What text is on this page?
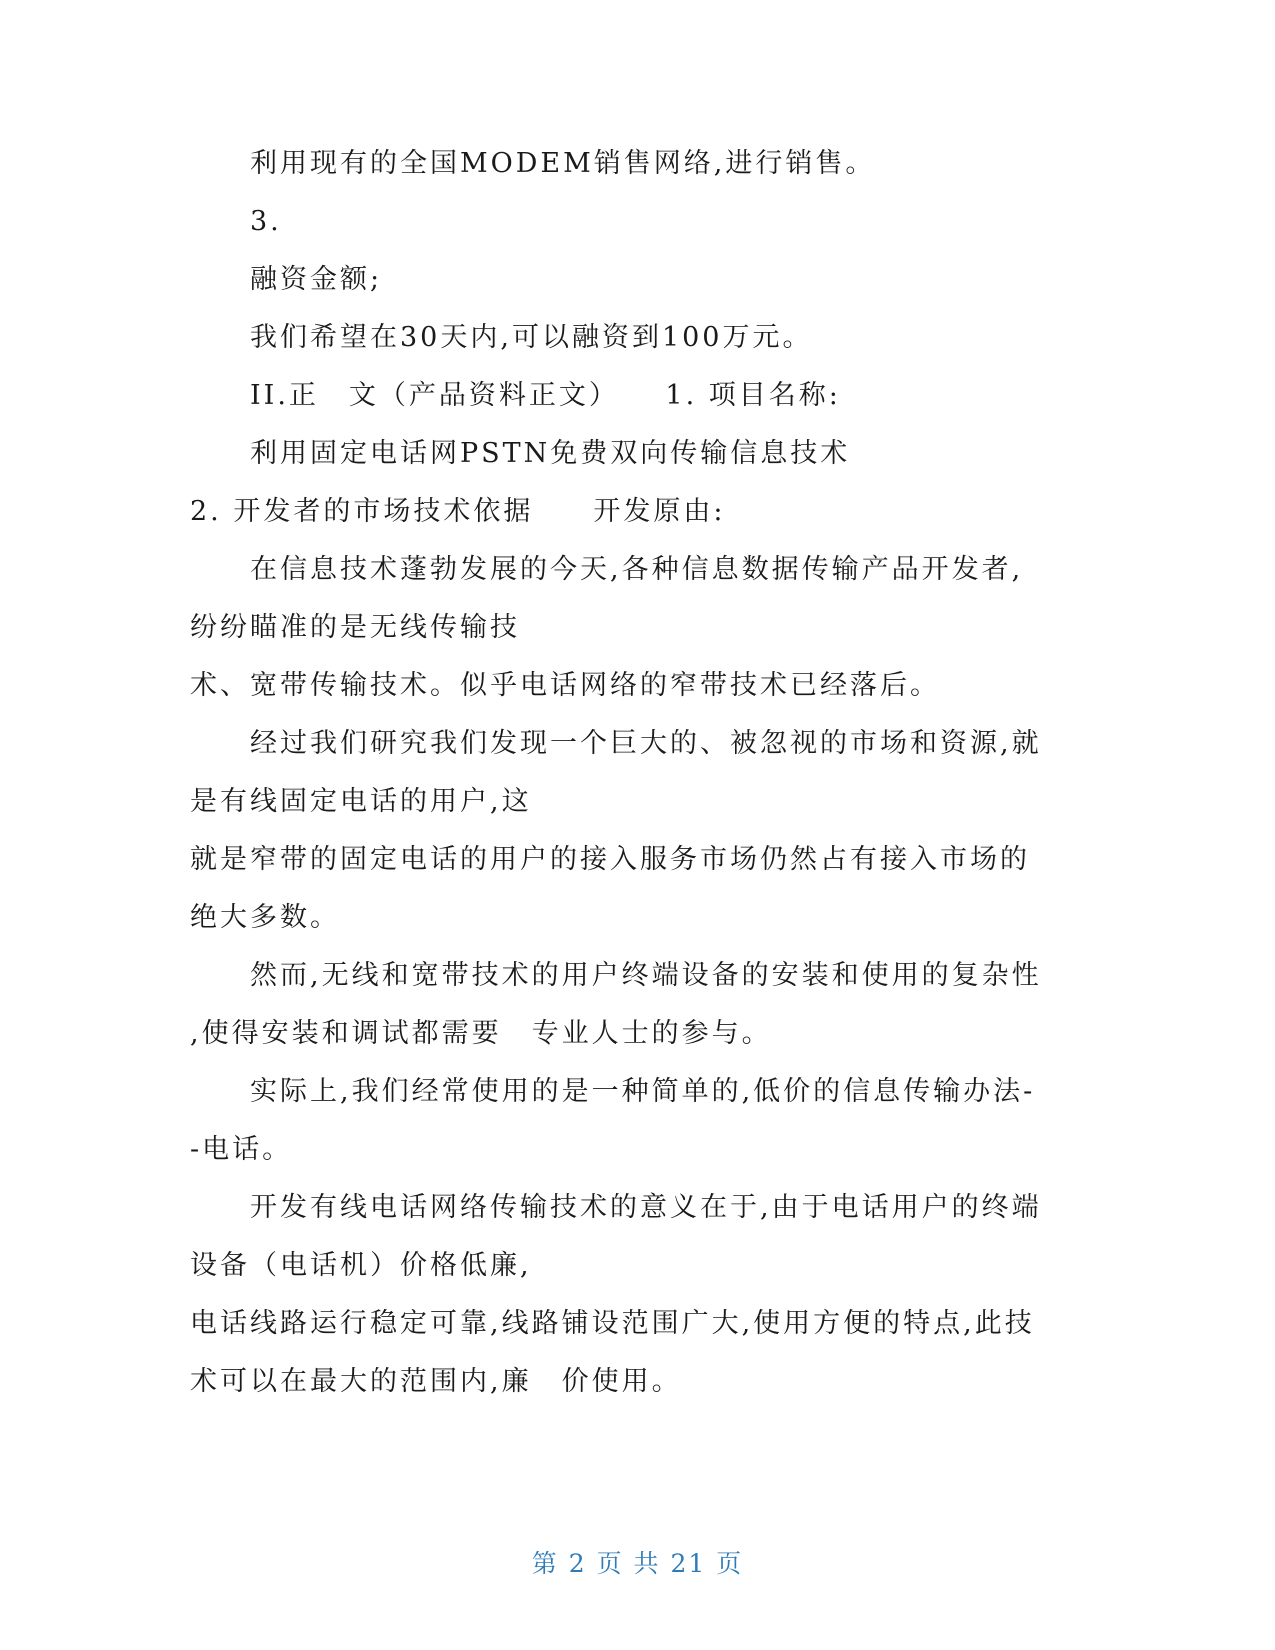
利用现有的全国MODEM销售网络,进行销售。
3.
融资金额;
我们希望在30天内,可以融资到100万元。
II.正　文（产品资料正文）　　1. 项目名称:
利用固定电话网PSTN免费双向传输信息技术
2. 开发者的市场技术依据　　开发原由:
在信息技术蓬勃发展的今天,各种信息数据传输产品开发者,
纷纷瞄准的是无线传输技
术、宽带传输技术。似乎电话网络的窄带技术已经落后。
经过我们研究我们发现一个巨大的、被忽视的市场和资源,就
是有线固定电话的用户,这
就是窄带的固定电话的用户的接入服务市场仍然占有接入市场的
绝大多数。
然而,无线和宽带技术的用户终端设备的安装和使用的复杂性
,使得安装和调试都需要　专业人士的参与。
实际上,我们经常使用的是一种简单的,低价的信息传输办法-
-电话。
开发有线电话网络传输技术的意义在于,由于电话用户的终端
设备（电话机）价格低廉,
电话线路运行稳定可靠,线路铺设范围广大,使用方便的特点,此技
术可以在最大的范围内,廉　价使用。
第 2 页 共 21 页
